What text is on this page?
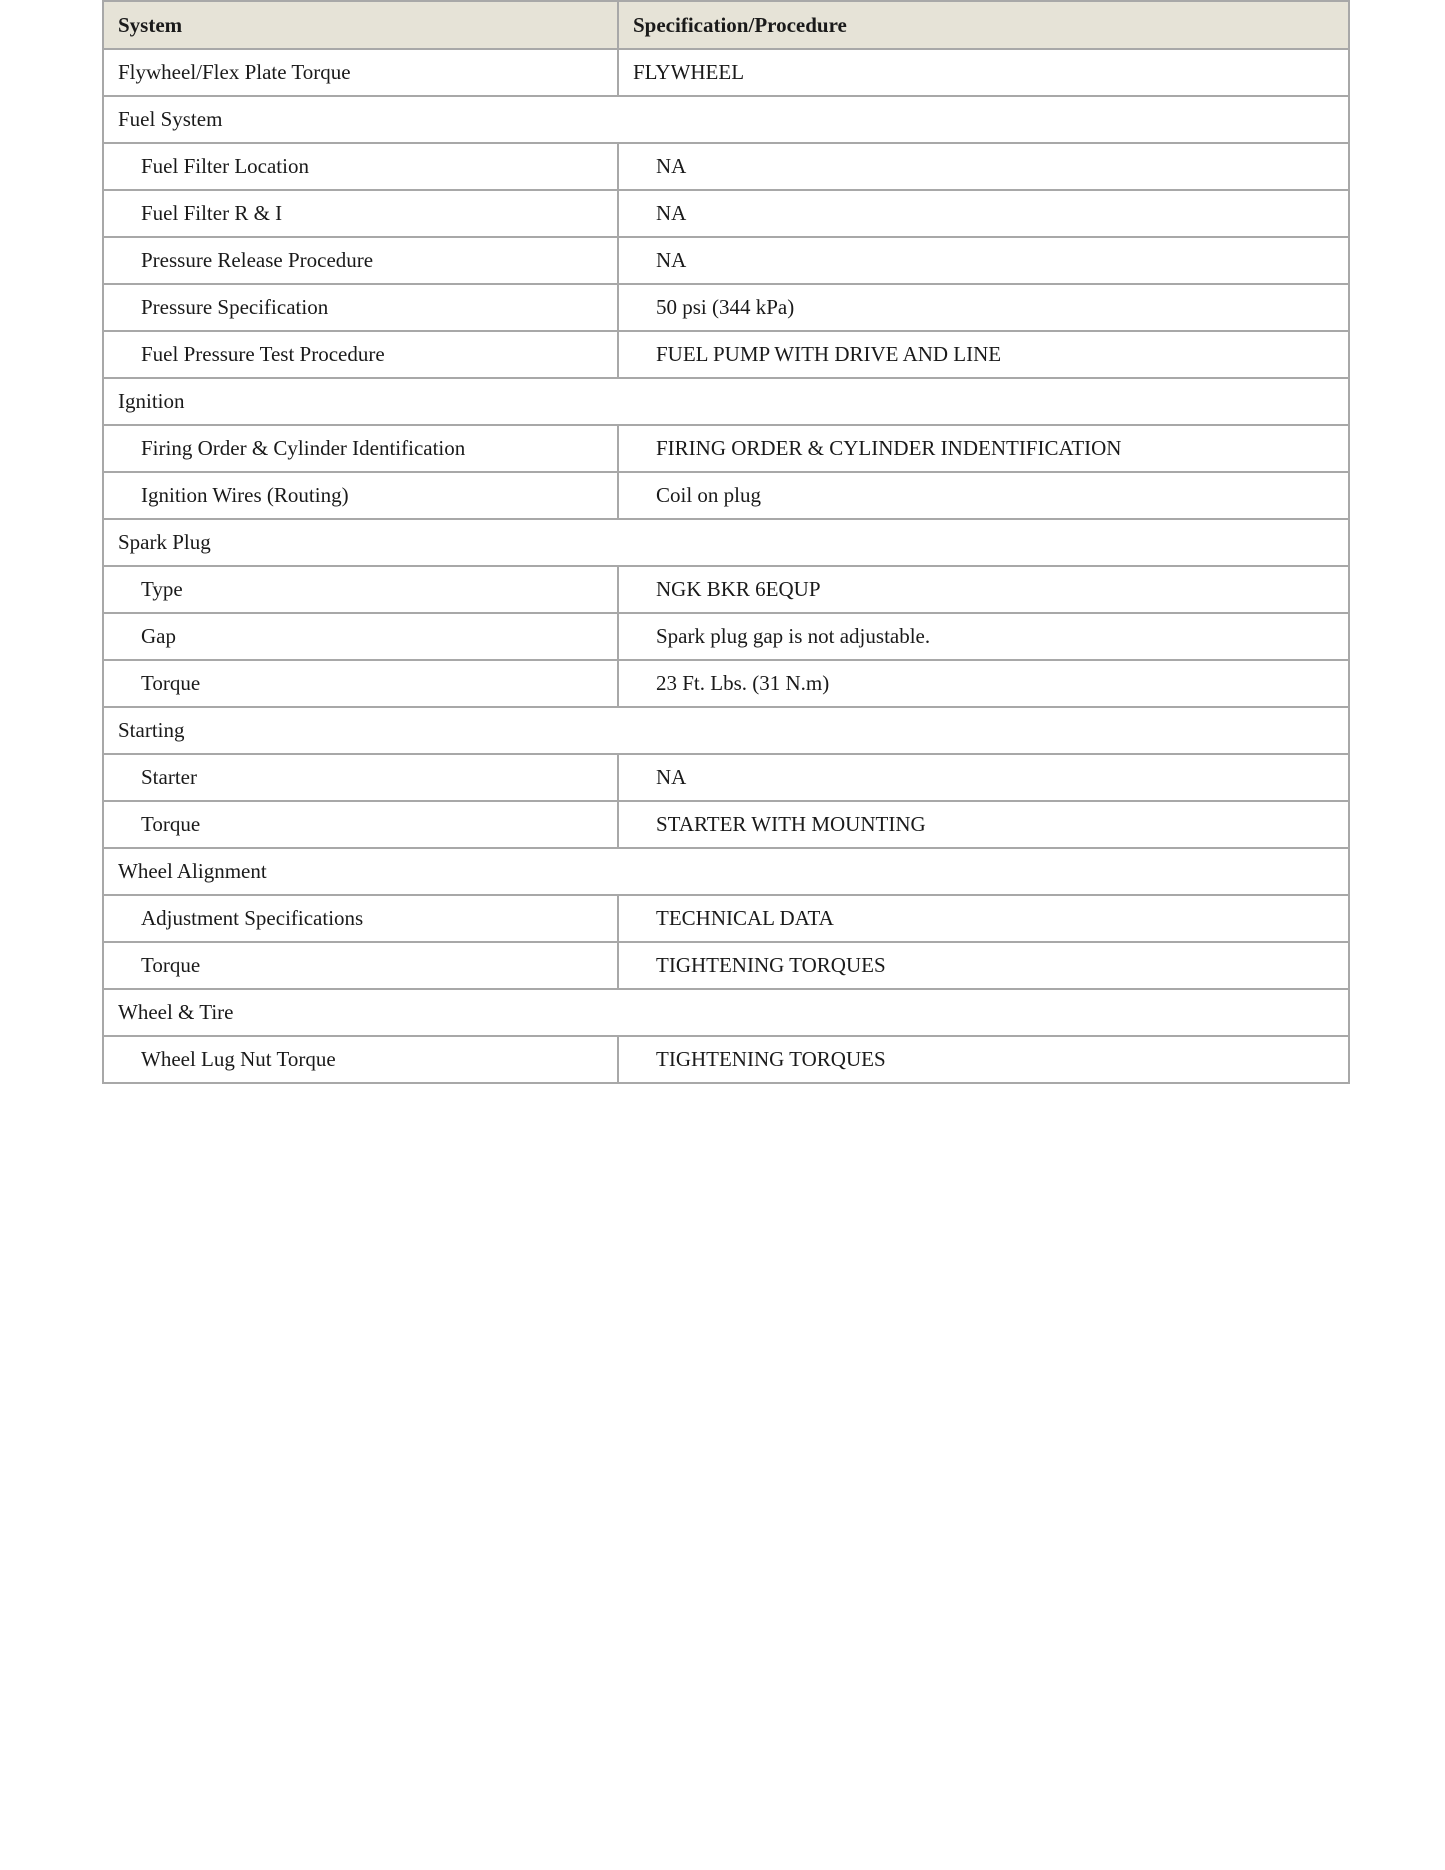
System	Specification/Procedure
Flywheel/Flex Plate Torque	FLYWHEEL
Fuel System	
Fuel Filter Location	NA
Fuel Filter R & I	NA
Pressure Release Procedure	NA
Pressure Specification	50 psi (344 kPa)
Fuel Pressure Test Procedure	FUEL PUMP WITH DRIVE AND LINE
Ignition	
Firing Order & Cylinder Identification	FIRING ORDER & CYLINDER INDENTIFICATION
Ignition Wires (Routing)	Coil on plug
Spark Plug	
Type	NGK BKR 6EQUP
Gap	Spark plug gap is not adjustable.
Torque	23 Ft. Lbs. (31 N.m)
Starting	
Starter	NA
Torque	STARTER WITH MOUNTING
Wheel Alignment	
Adjustment Specifications	TECHNICAL DATA
Torque	TIGHTENING TORQUES
Wheel & Tire	
Wheel Lug Nut Torque	TIGHTENING TORQUES
